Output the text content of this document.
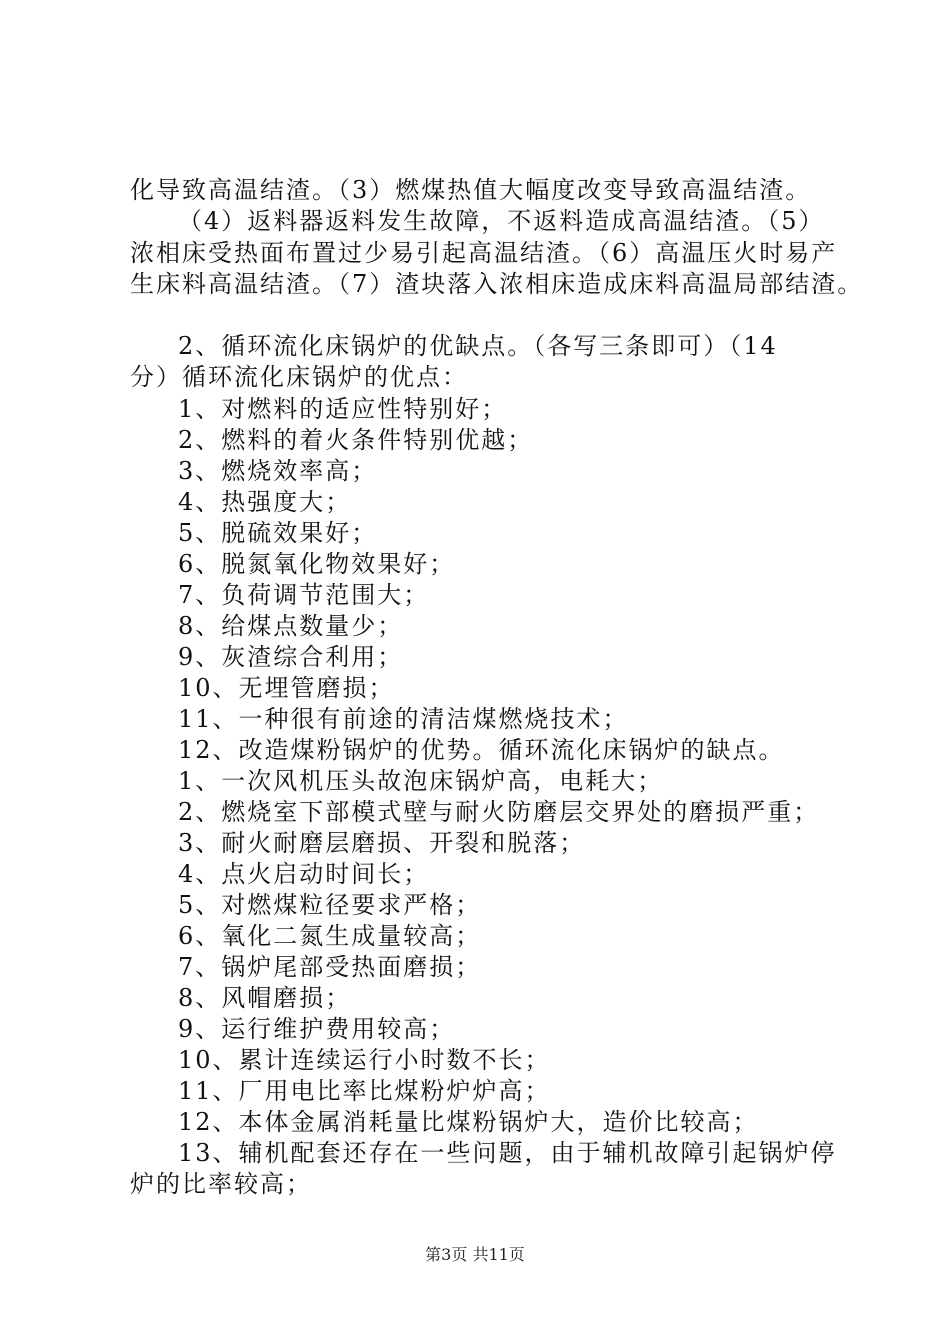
化导致高温结渣。（3）燃煤热值大幅度改变导致高温结渣。
（4）返料器返料发生故障，不返料造成高温结渣。（5）
浓相床受热面布置过少易引起高温结渣。（6）高温压火时易产
生床料高温结渣。（7）渣块落入浓相床造成床料高温局部结渣。
2、循环流化床锅炉的优缺点。（各写三条即可）（14
分）循环流化床锅炉的优点：
1、对燃料的适应性特别好；
2、燃料的着火条件特别优越；
3、燃烧效率高；
4、热强度大；
5、脱硫效果好；
6、脱氮氧化物效果好；
7、负荷调节范围大；
8、给煤点数量少；
9、灰渣综合利用；
10、无埋管磨损；
11、一种很有前途的清洁煤燃烧技术；
12、改造煤粉锅炉的优势。循环流化床锅炉的缺点。
1、一次风机压头故泡床锅炉高，电耗大；
2、燃烧室下部模式壁与耐火防磨层交界处的磨损严重；
3、耐火耐磨层磨损、开裂和脱落；
4、点火启动时间长；
5、对燃煤粒径要求严格；
6、氧化二氮生成量较高；
7、锅炉尾部受热面磨损；
8、风帽磨损；
9、运行维护费用较高；
10、累计连续运行小时数不长；
11、厂用电比率比煤粉炉炉高；
12、本体金属消耗量比煤粉锅炉大，造价比较高；
13、辅机配套还存在一些问题，由于辅机故障引起锅炉停
炉的比率较高；
第3页 共11页
